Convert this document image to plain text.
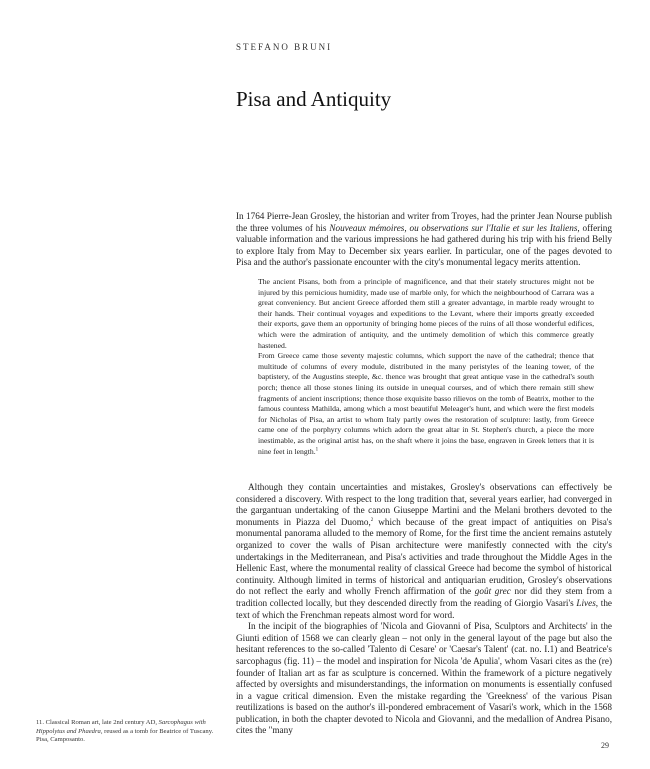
STEFANO BRUNI
Pisa and Antiquity

In 1764 Pierre-Jean Grosley, the historian and writer from Troyes, had the printer Jean Nourse publish the three volumes of his Nouveaux mémoires, ou observations sur l'Italie et sur les Italiens, offering valuable information and the various impressions he had gathered during his trip with his friend Belly to explore Italy from May to December six years earlier. In particular, one of the pages devoted to Pisa and the author's passionate encounter with the city's monumental legacy merits attention.

The ancient Pisans, both from a principle of magnificence, and that their stately structures might not be injured by this pernicious humidity, made use of marble only, for which the neighbourhood of Carrara was a great conveniency. But ancient Greece afforded them still a greater advantage, in marble ready wrought to their hands. Their continual voyages and expeditions to the Levant, where their imports greatly exceeded their exports, gave them an opportunity of bringing home pieces of the ruins of all those wonderful edifices, which were the admiration of antiquity, and the untimely demolition of which this commerce greatly hastened.

From Greece came those seventy majestic columns, which support the nave of the cathedral; thence that multitude of columns of every module, distributed in the many peristyles of the leaning tower, of the baptistery, of the Augustins steeple, &c. thence was brought that great antique vase in the cathedral's south porch; thence all those stones lining its outside in unequal courses, and of which there remain still shew fragments of ancient inscriptions; thence those exquisite basso rilievos on the tomb of Beatrix, mother to the famous countess Mathilda, among which a most beautiful Meleager's hunt, and which were the first models for Nicholas of Pisa, an artist to whom Italy partly owes the restoration of sculpture: lastly, from Greece came one of the porphyry columns which adorn the great altar in St. Stephen's church, a piece the more inestimable, as the original artist has, on the shaft where it joins the base, engraven in Greek letters that it is nine feet in length.$^1$

Although they contain uncertainties and mistakes, Grosley's observations can effectively be considered a discovery. With respect to the long tradition that, several years earlier, had converged in the gargantuan undertaking of the canon Giuseppe Martini and the Melani brothers devoted to the monuments in Piazza del Duomo,$^2$ which because of the great impact of antiquities on Pisa's monumental panorama alluded to the memory of Rome, for the first time the ancient remains astutely organized to cover the walls of Pisan architecture were manifestly connected with the city's undertakings in the Mediterranean, and Pisa's activities and trade throughout the Middle Ages in the Hellenic East, where the monumental reality of classical Greece had become the symbol of historical continuity. Although limited in terms of historical and antiquarian erudition, Grosley's observations do not reflect the early and wholly French affirmation of the goût grec nor did they stem from a tradition collected locally, but they descended directly from the reading of Giorgio Vasari's Lives, the text of which the Frenchman repeats almost word for word.

In the incipit of the biographies of 'Nicola and Giovanni of Pisa, Sculptors and Architects' in the Giunti edition of 1568 we can clearly glean – not only in the general layout of the page but also the hesitant references to the so-called 'Talento di Cesare' or 'Caesar's Talent' (cat. no. I.1) and Beatrice's sarcophagus (fig. 11) – the model and inspiration for Nicola 'de Apulia', whom Vasari cites as the (re) founder of Italian art as far as sculpture is concerned. Within the framework of a picture negatively affected by oversights and misunderstandings, the information on monuments is essentially confused in a vague critical dimension. Even the mistake regarding the 'Greekness' of the various Pisan reutilizations is based on the author's ill-pondered embracement of Vasari's work, which in the 1568 publication, in both the chapter devoted to Nicola and Giovanni, and the medallion of Andrea Pisano, cites the "many

11. Classical Roman art, late 2nd century AD, Sarcophagus with Hippolytus and Phaedra, reused as a tomb for Beatrice of Tuscany. Pisa, Camposanto.

29
